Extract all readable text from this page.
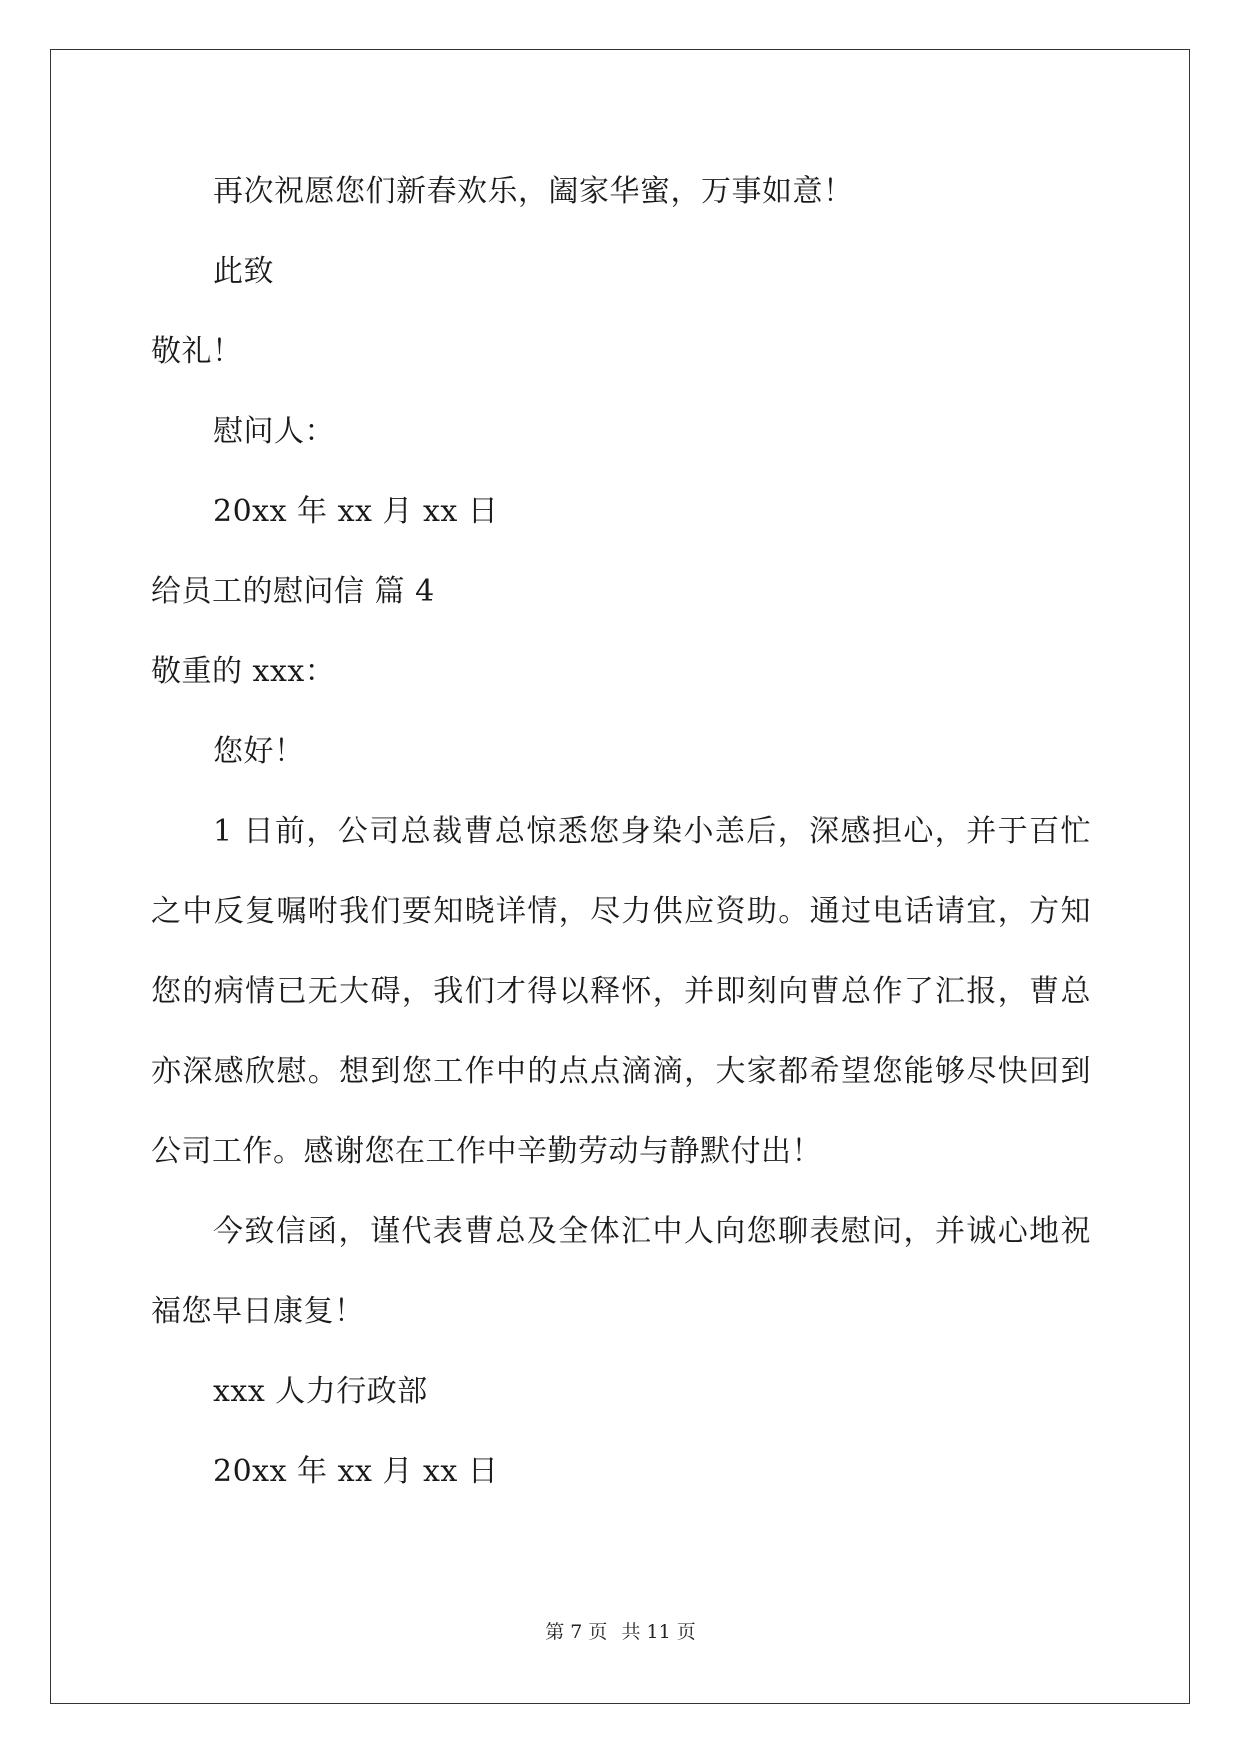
再次祝愿您们新春欢乐，阖家华蜜，万事如意！
此致
敬礼！
慰问人：
20xx 年 xx 月 xx 日
给员工的慰问信 篇 4
敬重的 xxx：
您好！
1 日前，公司总裁曹总惊悉您身染小恙后，深感担心，并于百忙
之中反复嘱咐我们要知晓详情，尽力供应资助。通过电话请宜，方知
您的病情已无大碍，我们才得以释怀，并即刻向曹总作了汇报，曹总
亦深感欣慰。想到您工作中的点点滴滴，大家都希望您能够尽快回到
公司工作。感谢您在工作中辛勤劳动与静默付出！
今致信函，谨代表曹总及全体汇中人向您聊表慰问，并诚心地祝
福您早日康复！
xxx 人力行政部
20xx 年 xx 月 xx 日
第 7 页 共 11 页
